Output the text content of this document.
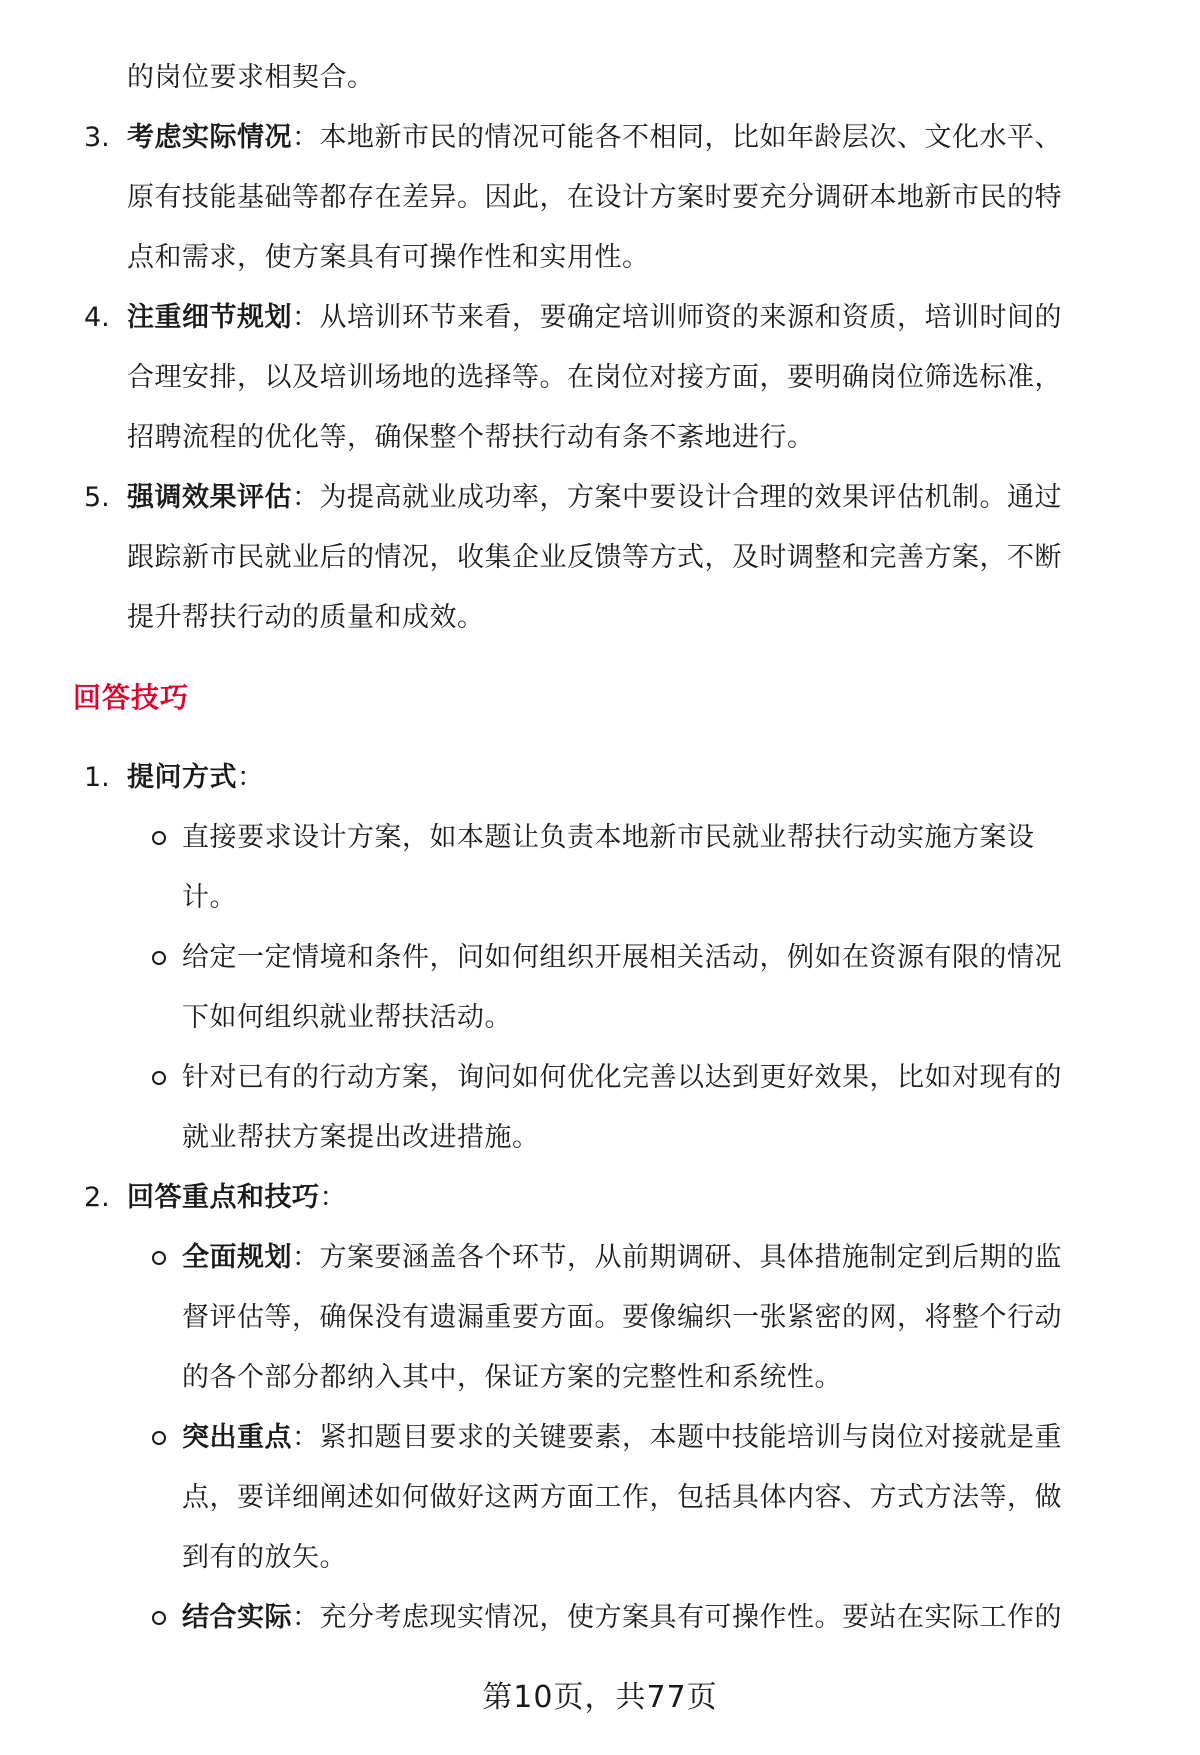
的岗位要求相契合。
3. 考虑实际情况：本地新市民的情况可能各不相同，比如年龄层次、文化水平、
原有技能基础等都存在差异。因此，在设计方案时要充分调研本地新市民的特
点和需求，使方案具有可操作性和实用性。
4. 注重细节规划：从培训环节来看，要确定培训师资的来源和资质，培训时间的
合理安排，以及培训场地的选择等。在岗位对接方面，要明确岗位筛选标准，
招聘流程的优化等，确保整个帮扶行动有条不紊地进行。
5. 强调效果评估：为提高就业成功率，方案中要设计合理的效果评估机制。通过
跟踪新市民就业后的情况，收集企业反馈等方式，及时调整和完善方案，不断
提升帮扶行动的质量和成效。
回答技巧
1. 提问方式：
直接要求设计方案，如本题让负责本地新市民就业帮扶行动实施方案设
计。
给定一定情境和条件，问如何组织开展相关活动，例如在资源有限的情况
下如何组织就业帮扶活动。
针对已有的行动方案，询问如何优化完善以达到更好效果，比如对现有的
就业帮扶方案提出改进措施。
2. 回答重点和技巧：
全面规划：方案要涵盖各个环节，从前期调研、具体措施制定到后期的监
督评估等，确保没有遗漏重要方面。要像编织一张紧密的网，将整个行动
的各个部分都纳入其中，保证方案的完整性和系统性。
突出重点：紧扣题目要求的关键要素，本题中技能培训与岗位对接就是重
点，要详细阐述如何做好这两方面工作，包括具体内容、方式方法等，做
到有的放矢。
结合实际：充分考虑现实情况，使方案具有可操作性。要站在实际工作的
第10页，共77页
